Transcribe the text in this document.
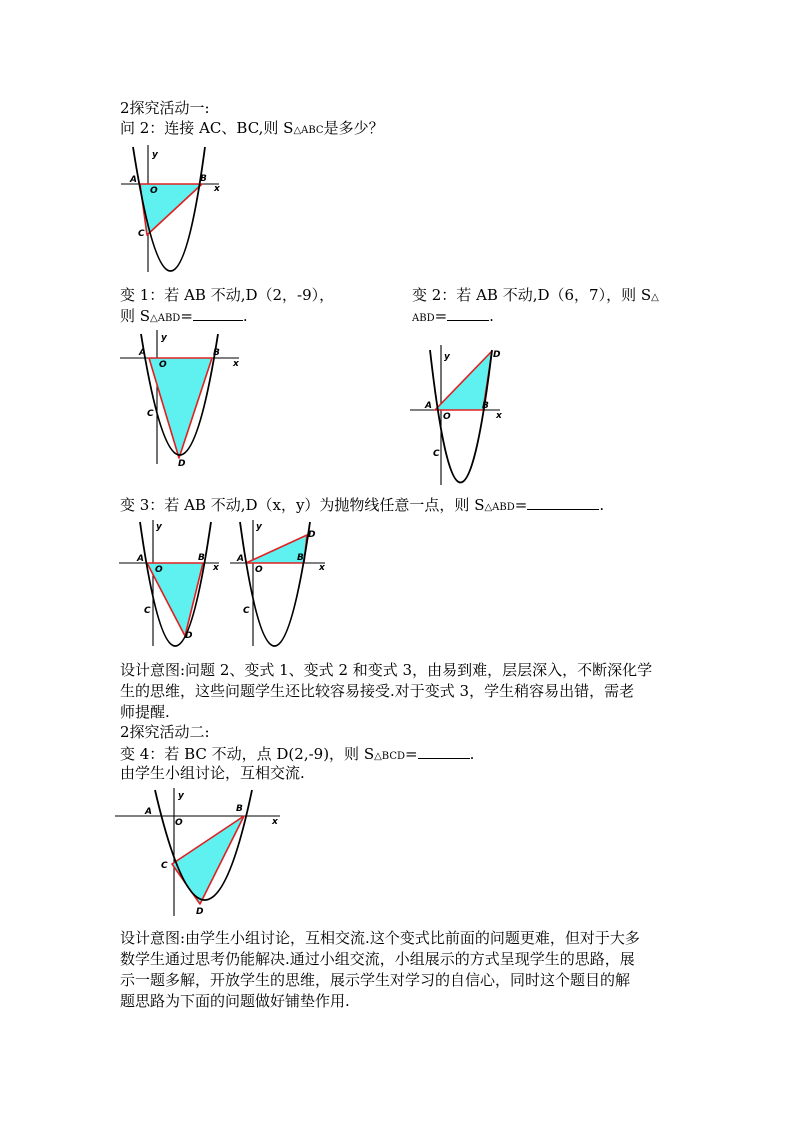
2探究活动一:
问 2：连接 AC、BC,则 S△ABC是多少？
y
A
O
B
x
C
变 1：若 AB 不动,D（2，-9），
则 S△ABD=	.
变 2：若 AB 不动,D（6，7），则 S△
ABD=	.
y
A
O
B
x
C
D
y
A
O
B
x
C
D
变 3：若 AB 不动,D（x，y）为抛物线任意一点，则 S△ABD=	.
y
A
O
B
x
C
D
y
A
O
B
x
C
D
设计意图:问题 2、变式 1、变式 2 和变式 3，由易到难，层层深入，不断深化学
生的思维，这些问题学生还比较容易接受.对于变式 3，学生稍容易出错，需老
师提醒.
2探究活动二:
变 4：若 BC 不动，点 D(2,-9)，则 S△BCD=	.
由学生小组讨论，互相交流.
y
A
O
B
x
C
D
设计意图:由学生小组讨论，互相交流.这个变式比前面的问题更难，但对于大多
数学生通过思考仍能解决.通过小组交流，小组展示的方式呈现学生的思路，展
示一题多解，开放学生的思维，展示学生对学习的自信心，同时这个题目的解
题思路为下面的问题做好铺垫作用.
